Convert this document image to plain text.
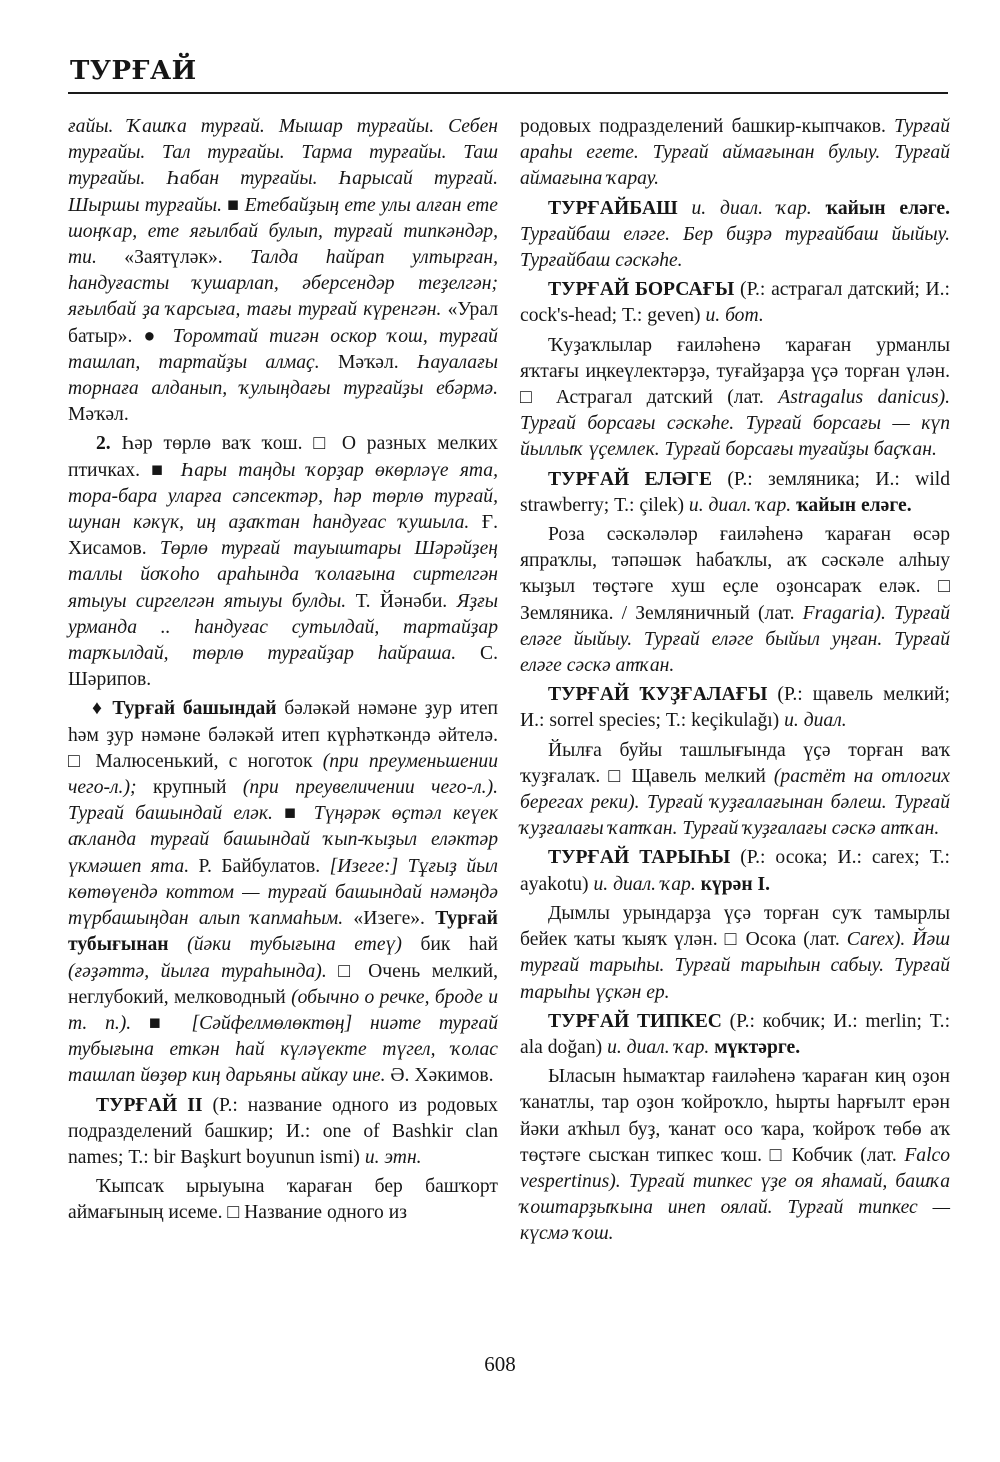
ТУРҒАЙ

ғайы. Ҡашҡа турғай. Мышар турғайы. Себен турғайы. Тал турғайы. Тарма турғайы. Таш турғайы. Һабан турғайы. Һарысай турғай. Шыршы турғайы. ■ Етебайҙың ете улы алған ете шоңҡар, ете яғылбай булып, турғай типкәндәр, ти. «Заятүләк». Талда һайрап ултырған, һандуғасты ҡушарлап, әберсендәр теҙелгән; яғылбай ҙа ҡарсыға, тағы турғай күренгән. «Урал батыр». ● Торомтай тигән оскор ҡош, турғай ташлап, тартайҙы алмаҫ. Мәҡәл. Һауалағы торнаға алданып, ҡулыңдағы турғайҙы ебәрмә. Мәҡәл.

2. Һәр төрлө ваҡ ҡош. □ О разных мелких птичках. ■ Һары таңды ҡорҙар өкөрләүе ята, тора-бара уларға сәпсектәр, һәр төрлө турғай, шунан кәкүк, иң аҙаҡтан һандуғас ҡушыла. Ғ. Хисамов. Төрлө турғай тауыштары Шәрәйҙең таллы йоҡоһо араһында ҡолағына сиртелгән ятыуы сиргелгән ятыуы булды. Т. Йәнәби. Яҙғы урманда .. һандуғас сутылдай, тартайҙар тарҡылдай, төрлө турғайҙар һайраша. С. Шәрипов.

♦ Турғай башындай бәләкәй нәмәне ҙур итеп һәм ҙур нәмәне бәләкәй итеп күрһәткәндә әйтелә. □ Малюсенький, с ноготок (при преуменьшении чего-л.); крупный (при преувеличении чего-л.). Турғай башындай еләк. ■ Түңәрәк өҫтәл кеүек аҡланда турғай башындай ҡып-ҡыҙыл еләктәр үкмәшеп ята. Р. Байбулатов. [Изеге:] Тұғыҙ йыл көтөүендә коттом — турғай башындай нәмәңдә түрбашыңдан алып ҡапмаһым. «Изеге». Турғай тубығынан (йәки тубығына етеү) бик һай (ғәҙәттә, йылға тураһында). □ Очень мелкий, неглубокий, мелководный (обычно о речке, броде и т. п.). ■ [Сәйфелмөлөктөң] ниәте турғай тубығына еткән һай күләүекте түгел, ҡолас ташлап йөҙөр киң дарьяны айкау ине. Ә. Хәкимов.

ТУРҒАЙ II (Р.: название одного из родовых подразделений башкир; И.: one of Bashkir clan names; Т.: bir Başkurt boyunun ismi) и. этн.

Ҡыпсаҡ ырыуына ҡараған бер башҡорт аймағының исеме. □ Название одного из

родовых подразделений башкир-кыпчаков. Турғай араһы егете. Турғай аймағынан булыу. Турғай аймағына ҡарау.

ТУРҒАЙБАШ и. диал. ҡар. ҡайын еләге. Турғайбаш еләге. Бер биҙрә турғайбаш йыйыу. Турғайбаш сәскәһе.

ТУРҒАЙ БОРСАҒЫ (Р.: астрагал датский; И.: cock's-head; Т.: geven) и. бот.

Ҡуҙаҡлылар ғаиләһенә ҡараған урманлы яҡтағы иңкеүлектәрҙә, туғайҙарҙа үҫә торған үлән. □ Астрагал датский (лат. Astragalus danicus). Турғай борсағы сәскәһе. Турғай борсағы — күп йыллыҡ үҫемлек. Турғай борсағы туғайҙы баҫҡан.

ТУРҒАЙ ЕЛӘГЕ (Р.: земляника; И.: wild strawberry; Т.: çilek) и. диал. ҡар. ҡайын еләге.

Роза сәскәләләр ғаиләһенә ҡараған өсәр япраҡлы, тәпәшәк һабаҡлы, аҡ сәскәле алһыу ҡыҙыл төҫтәге хуш еҫле оҙонсараҡ еләк. □ Земляника. / Земляничный (лат. Fragaria). Турғай еләге йыйыу. Турғай еләге быйыл уңған. Турғай еләге сәскә атҡан.

ТУРҒАЙ ҠУҘҒАЛАҒЫ (Р.: щавель мелкий; И.: sorrel species; Т.: keçikulağı) и. диал.

Йылға буйы ташлығында үҫә торған ваҡ ҡуҙғалаҡ. □ Щавель мелкий (растёт на отлогих берегах реки). Турғай ҡуҙғалағынан бәлеш. Турғай ҡуҙғалағы ҡатҡан. Турғай ҡуҙғалағы сәскә атҡан.

ТУРҒАЙ ТАРЫҺЫ (Р.: осока; И.: carex; Т.: ayakotu) и. диал. ҡар. күрән I.

Дымлы урындарҙа үҫә торған суҡ тамырлы бейек ҡаты ҡыяҡ үлән. □ Осока (лат. Carex). Йәш турғай тарыһы. Турғай тарыһын сабыу. Турғай тарыһы үҫкән ер.

ТУРҒАЙ ТИПКЕС (Р.: кобчик; И.: merlin; Т.: ala doğan) и. диал. ҡар. мүктәрге.

Ыласын һымаҡтар ғаиләһенә ҡараған киң оҙон ҡанатлы, тар оҙон ҡойроҡло, һырты һарғылт ерән йәки аҡһыл буҙ, ҡанат осо ҡара, ҡойроҡ төбө аҡ төҫтәге сысҡан типкес ҡош. □ Кобчик (лат. Falco vespertinus). Турғай типкес үҙе оя яһамай, башҡа ҡоштарҙыҡына инеп оялай. Турғай типкес — күсмә ҡош.

608
